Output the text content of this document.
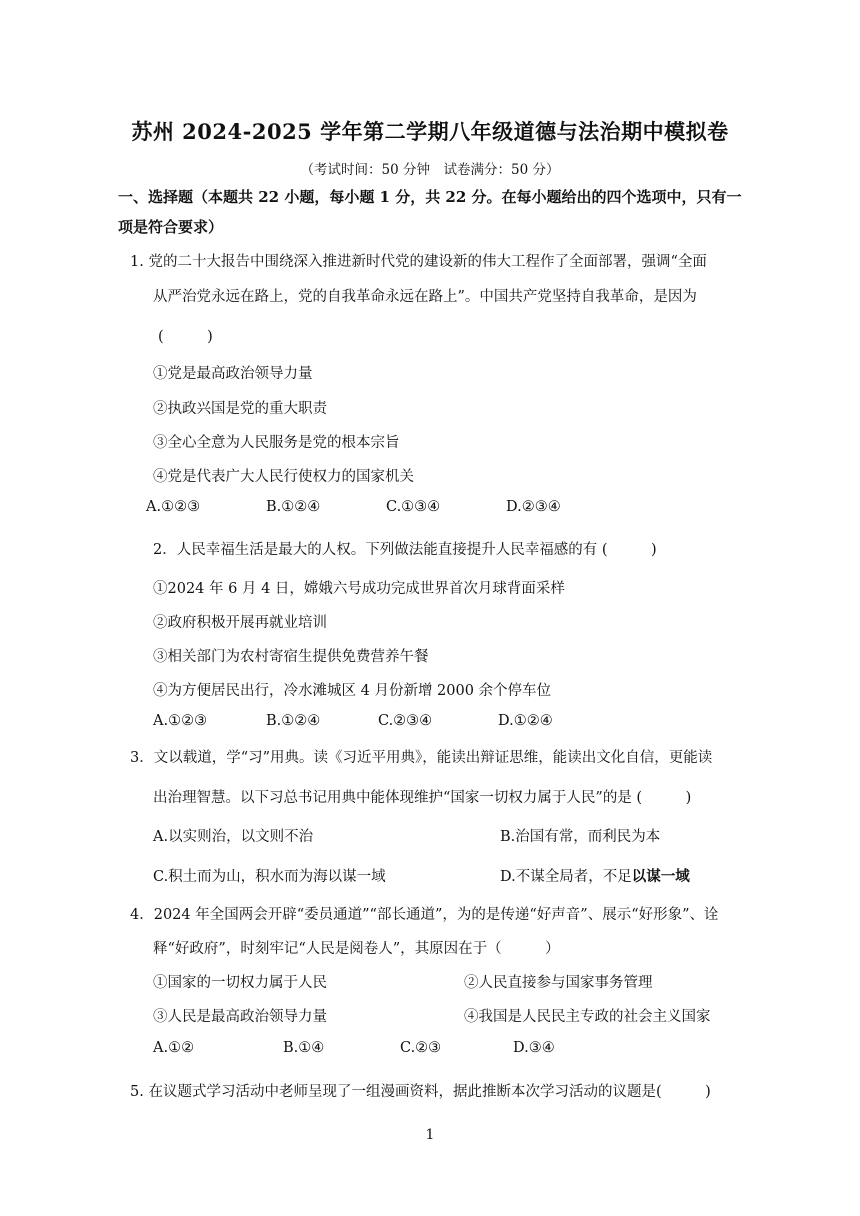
苏州 2024-2025 学年第二学期八年级道德与法治期中模拟卷
（考试时间：50 分钟　试卷满分：50 分）
一、选择题（本题共 22 小题，每小题 1 分，共 22 分。在每小题给出的四个选项中，只有一
项是符合要求）
1. 党的二十大报告中围绕深入推进新时代党的建设新的伟大工程作了全面部署，强调“全面
从严治党永远在路上，党的自我革命永远在路上”。中国共产党坚持自我革命，是因为
(　　　)
①党是最高政治领导力量
②执政兴国是党的重大职责
③全心全意为人民服务是党的根本宗旨
④党是代表广大人民行使权力的国家机关
A.①②③	B.①②④	C.①③④	D.②③④
2．人民幸福生活是最大的人权。下列做法能直接提升人民幸福感的有 (　　　)
①2024 年 6 月 4 日，嫦娥六号成功完成世界首次月球背面采样
②政府积极开展再就业培训
③相关部门为农村寄宿生提供免费营养午餐
④为方便居民出行，冷水滩城区 4 月份新增 2000 余个停车位
A.①②③	B.①②④	C.②③④	D.①②④
3．文以载道，学“习”用典。读《习近平用典》，能读出辩证思维，能读出文化自信，更能读
出治理智慧。以下习总书记用典中能体现维护“国家一切权力属于人民”的是 (　　　)
A.以实则治，以文则不治	B.治国有常，而利民为本
C.积土而为山，积水而为海以谋一域	D.不谋全局者，不足以谋一域
4．2024 年全国两会开辟“委员通道”“部长通道”，为的是传递“好声音”、展示“好形象”、诠
释“好政府”，时刻牢记“人民是阅卷人”，其原因在于（　　　）
①国家的一切权力属于人民	②人民直接参与国家事务管理
③人民是最高政治领导力量	④我国是人民民主专政的社会主义国家
A.①②	B.①④	C.②③	D.③④
5. 在议题式学习活动中老师呈现了一组漫画资料，据此推断本次学习活动的议题是(　　　)
1
